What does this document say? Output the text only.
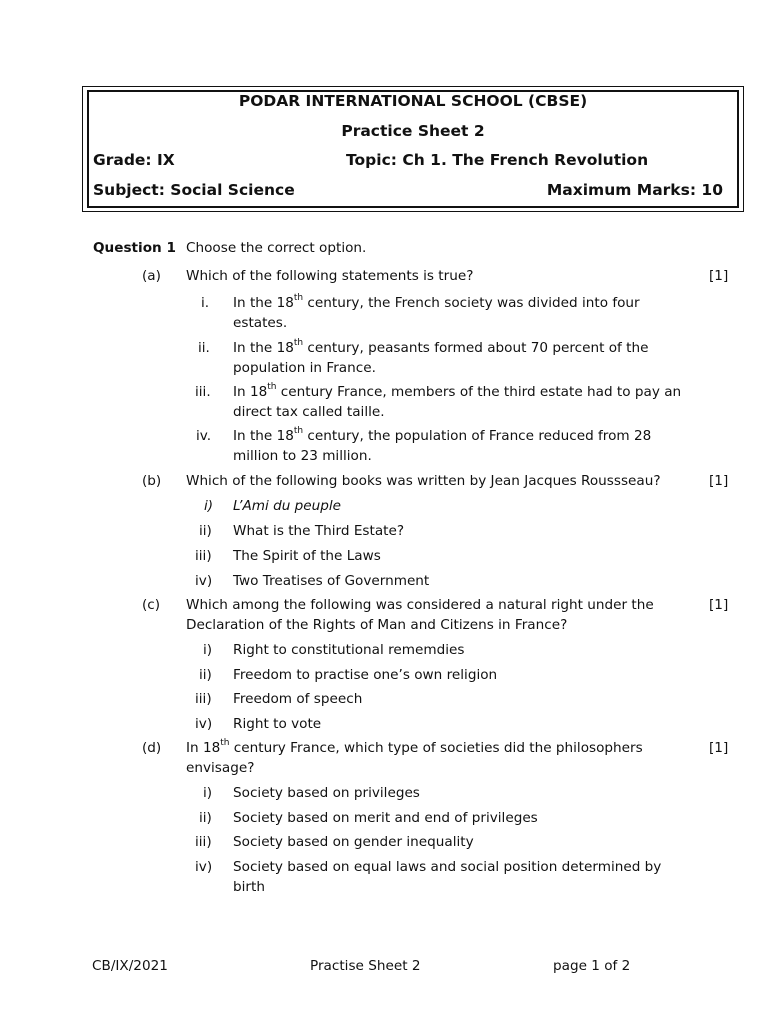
PODAR INTERNATIONAL SCHOOL (CBSE)
Practice Sheet 2
Grade: IX	Topic: Ch 1. The French Revolution
Subject: Social Science	Maximum Marks: 10
Question 1 Choose the correct option.
(a) Which of the following statements is true?	[1]
i. In the 18th century, the French society was divided into four
estates.
ii. In the 18th century, peasants formed about 70 percent of the
population in France.
iii. In 18th century France, members of the third estate had to pay an
direct tax called taille.
iv. In the 18th century, the population of France reduced from 28
million to 23 million.
(b) Which of the following books was written by Jean Jacques Roussseau?	[1]
i) L’Ami du peuple
ii) What is the Third Estate?
iii) The Spirit of the Laws
iv) Two Treatises of Government
(c) Which among the following was considered a natural right under the
Declaration of the Rights of Man and Citizens in France?
[1]
i) Right to constitutional rememdies
ii) Freedom to practise one’s own religion
iii) Freedom of speech
iv) Right to vote
(d) In 18th century France, which type of societies did the philosophers
envisage?
[1]
i) Society based on privileges
ii) Society based on merit and end of privileges
iii) Society based on gender inequality
iv) Society based on equal laws and social position determined by
birth
CB/IX/2021	Practise Sheet 2	page 1 of 2
